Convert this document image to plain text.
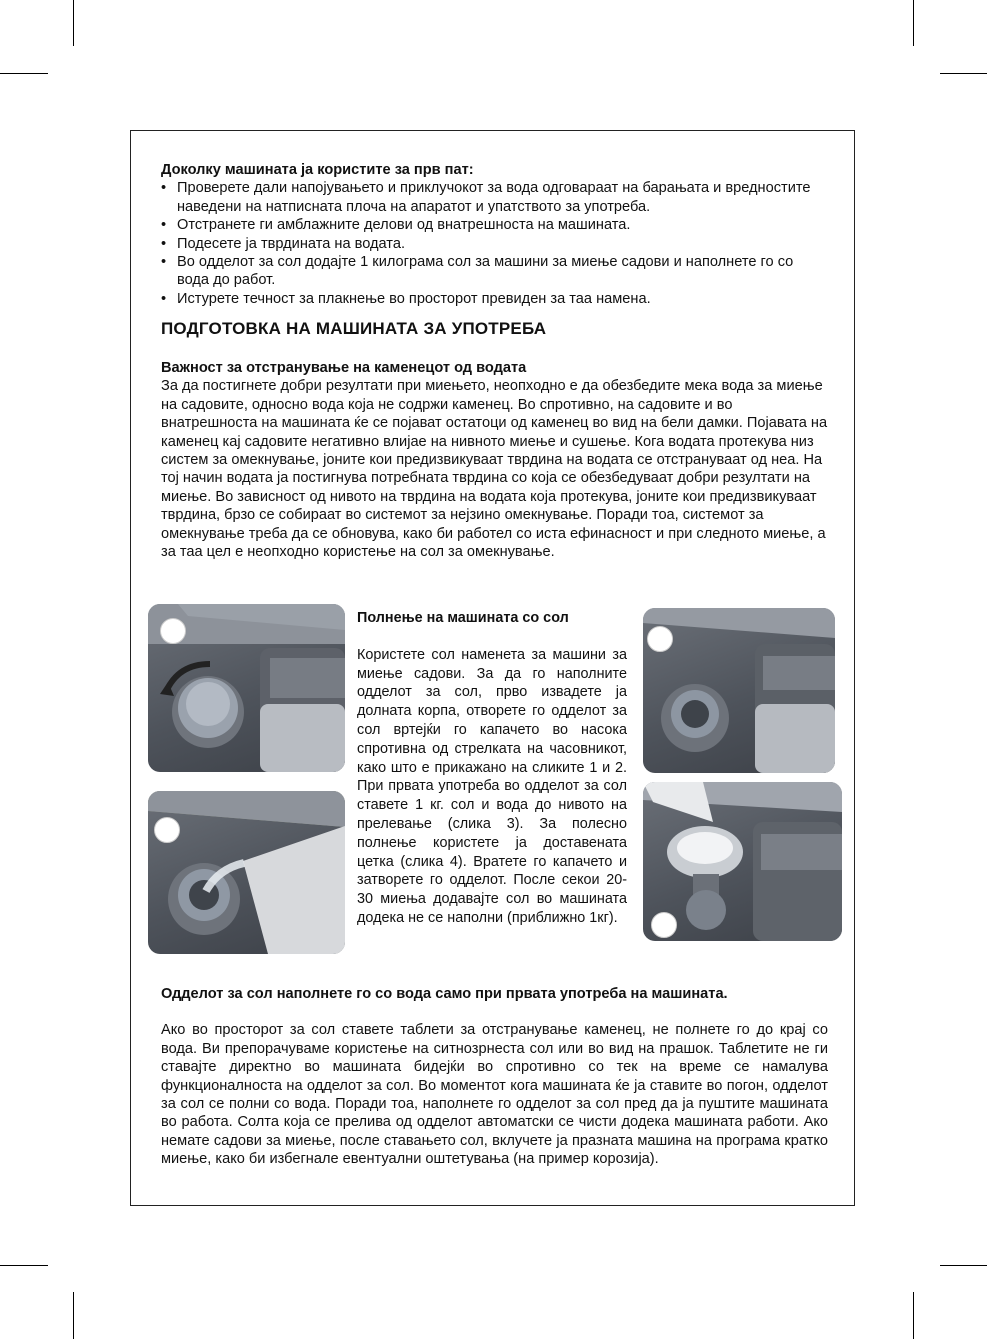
Доколку машината ја користите за прв пат:
• Проверете дали напојувањето и приклучокот за вода одговараат на барањата и вредностите наведени на натписната плоча на апаратот и упатството за употреба.
• Отстранете ги амблажните делови од внатрешноста на машината.
• Подесете ја тврдината на водата.
• Во одделот за сол додајте 1 килограма сол за машини за миење садови и наполнете го со вода до работ.
• Истурете течност за плакнење во просторот превиден за таа намена.
ПОДГОТОВКА НА МАШИНАТА ЗА УПОТРЕБА
Важност за отстранување на каменецот од водата
За да постигнете добри резултати при миењето, неопходно е да обезбедите мека вода за миење на садовите, односно вода која не содржи каменец. Во спротивно, на садовите и во внатрешноста на машината ќе се појават остатоци од каменец во вид на бели дамки. Појавата на каменец кај садовите негативно влијае на нивното миење и сушење. Кога водата протекува низ систем за омекнување, јоните кои предизвикуваат тврдина на водата се отстрануваат од неа. На тој начин водата ја постигнува потребната тврдина со која се обезбедуваат добри резултати на миење. Во зависност од нивото на тврдина на водата која протекува, јоните кои предизвикуваат тврдина, брзо се собираат во системот за нејзино омекнување. Поради тоа, системот за омекнување треба да се обновува, како би работел со иста ефинасност и при следното миење, а за таа цел е неопходно користење на сол за омекнување.
Полнење на машината со сол
Користете сол наменета за машини за миење садови. За да го наполните одделот за сол, прво извадете ја долната корпа, отворете го одделот за сол вртејќи го капачето во насока спротивна од стрелката на часовникот, како што е прикажано на сликите 1 и 2. При првата употреба во одделот за сол ставете 1 кг. сол и вода до нивото на прелевање (слика 3). За полесно полнење користете ја доставената цетка (слика 4). Вратете го капачето и затворете го одделот. После секои 20-30 миења додавајте сол во машината додека не се наполни (приближно 1кг).
Одделот за сол наполнете го со вода само при првата употреба на машината.
Ако во просторот за сол ставете таблети за отстранување каменец, не полнете го до крај со вода. Ви препорачуваме користење на ситнозрнеста сол или во вид на прашок. Таблетите не ги ставајте директно во машината бидејќи во спротивно со тек на време се намалува функционалноста на одделот за сол. Во моментот кога машината ќе ја ставите во погон, одделот за сол се полни со вода. Поради тоа, наполнете го одделот за сол пред да ја пуштите машината во работа. Солта која се прелива од одделот автоматски се чисти додека машината работи. Ако немате садови за миење, после ставањето сол, вклучете ја празната машина на програма кратко миење, како би избегнале евентуални оштетувања (на пример корозија).
